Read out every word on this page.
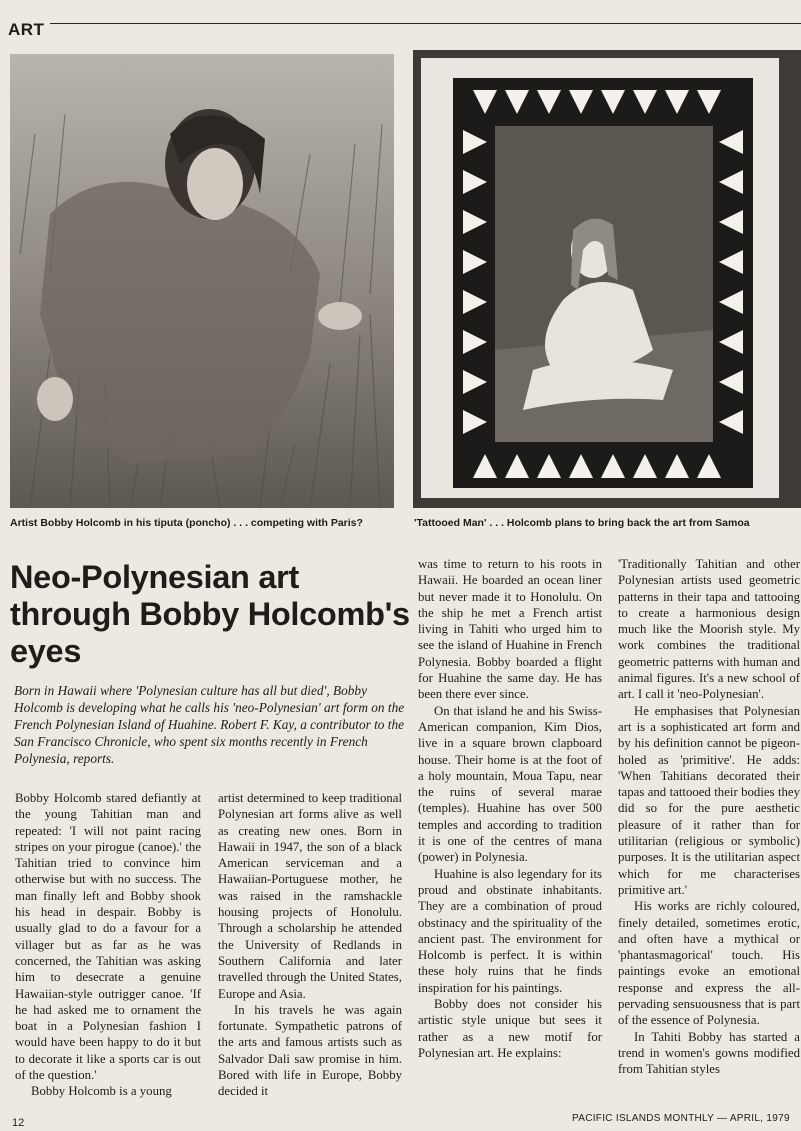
ART
Artist Bobby Holcomb in his tiputa (poncho) . . . competing with Paris?	'Tattooed Man' . . . Holcomb plans to bring back the art from Samoa
Neo-Polynesian art through Bobby Holcomb's eyes
Born in Hawaii where 'Polynesian culture has all but died', Bobby Holcomb is developing what he calls his 'neo-Polynesian' art form on the French Polynesian Island of Huahine. Robert F. Kay, a contributor to the San Francisco Chronicle, who spent six months recently in French Polynesia, reports.

Bobby Holcomb stared defiantly at the young Tahitian man and repeated: 'I will not paint racing stripes on your pirogue (canoe).' the Tahitian tried to convince him otherwise but with no success. The man finally left and Bobby shook his head in despair. Bobby is usually glad to do a favour for a villager but as far as he was concerned, the Tahitian was asking him to desecrate a genuine Hawaiian-style outrigger canoe. 'If he had asked me to ornament the boat in a Polynesian fashion I would have been happy to do it but to decorate it like a sports car is out of the question.'

Bobby Holcomb is a young

artist determined to keep traditional Polynesian art forms alive as well as creating new ones. Born in Hawaii in 1947, the son of a black American serviceman and a Hawaiian-Portuguese mother, he was raised in the ramshackle housing projects of Honolulu. Through a scholarship he attended the University of Redlands in Southern California and later travelled through the United States, Europe and Asia.

In his travels he was again fortunate. Sympathetic patrons of the arts and famous artists such as Salvador Dali saw promise in him. Bored with life in Europe, Bobby decided it

was time to return to his roots in Hawaii. He boarded an ocean liner but never made it to Honolulu. On the ship he met a French artist living in Tahiti who urged him to see the island of Huahine in French Polynesia. Bobby boarded a flight for Huahine the same day. He has been there ever since.

On that island he and his Swiss-American companion, Kim Dios, live in a square brown clapboard house. Their home is at the foot of a holy mountain, Moua Tapu, near the ruins of several marae (temples). Huahine has over 500 temples and according to tradition it is one of the centres of mana (power) in Polynesia.

Huahine is also legendary for its proud and obstinate inhabitants. They are a combination of proud obstinacy and the spirituality of the ancient past. The environment for Holcomb is perfect. It is within these holy ruins that he finds inspiration for his paintings.

Bobby does not consider his artistic style unique but sees it rather as a new motif for Polynesian art. He explains:

'Traditionally Tahitian and other Polynesian artists used geometric patterns in their tapa and tattooing to create a harmonious design much like the Moorish style. My work combines the traditional geometric patterns with human and animal figures. It's a new school of art. I call it 'neo-Polynesian'.

He emphasises that Polynesian art is a sophisticated art form and by his definition cannot be pigeon-holed as 'primitive'. He adds: 'When Tahitians decorated their tapas and tattooed their bodies they did so for the pure aesthetic pleasure of it rather than for utilitarian (religious or symbolic) purposes. It is the utilitarian aspect which for me characterises primitive art.'

His works are richly coloured, finely detailed, sometimes erotic, and often have a mythical or 'phantasmagorical' touch. His paintings evoke an emotional response and express the all-pervading sensuousness that is part of the essence of Polynesia.

In Tahiti Bobby has started a trend in women's gowns modified from Tahitian styles

12	PACIFIC ISLANDS MONTHLY — APRIL, 1979
